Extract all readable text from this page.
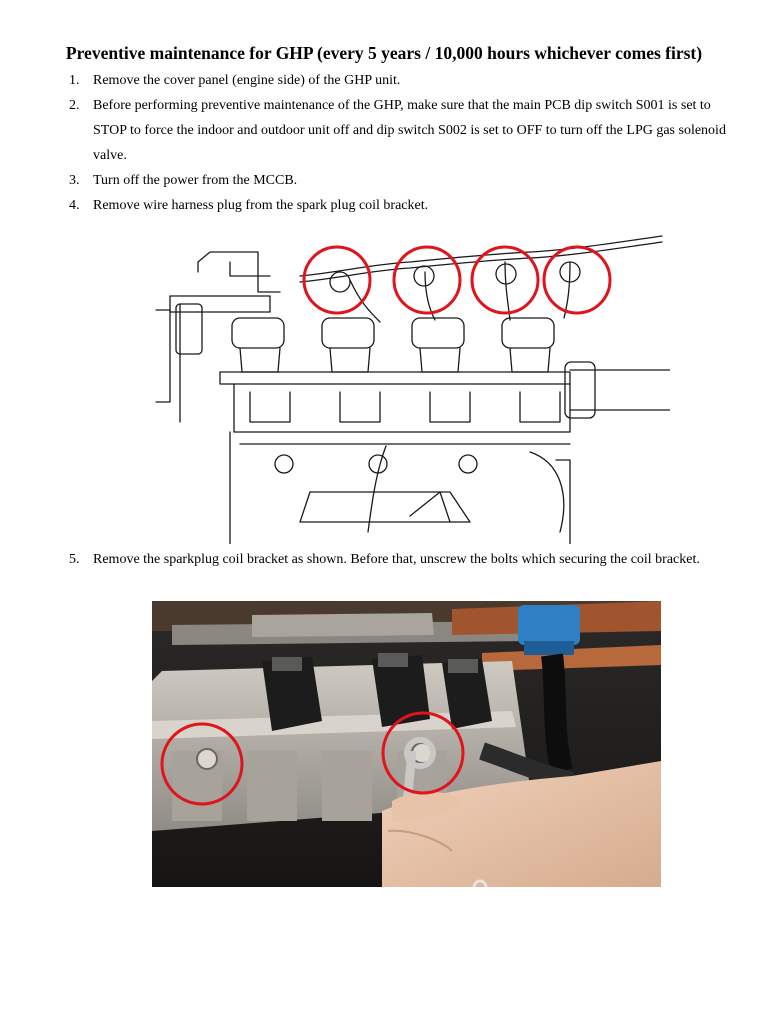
Preventive maintenance for GHP (every 5 years / 10,000 hours whichever comes first)
1. Remove the cover panel (engine side) of the GHP unit.
2. Before performing preventive maintenance of the GHP, make sure that the main PCB dip switch S001 is set to STOP to force the indoor and outdoor unit off and dip switch S002 is set to OFF to turn off the LPG gas solenoid valve.
3. Turn off the power from the MCCB.
4. Remove wire harness plug from the spark plug coil bracket.
5. Remove the sparkplug coil bracket as shown. Before that, unscrew the bolts which securing the coil bracket.
